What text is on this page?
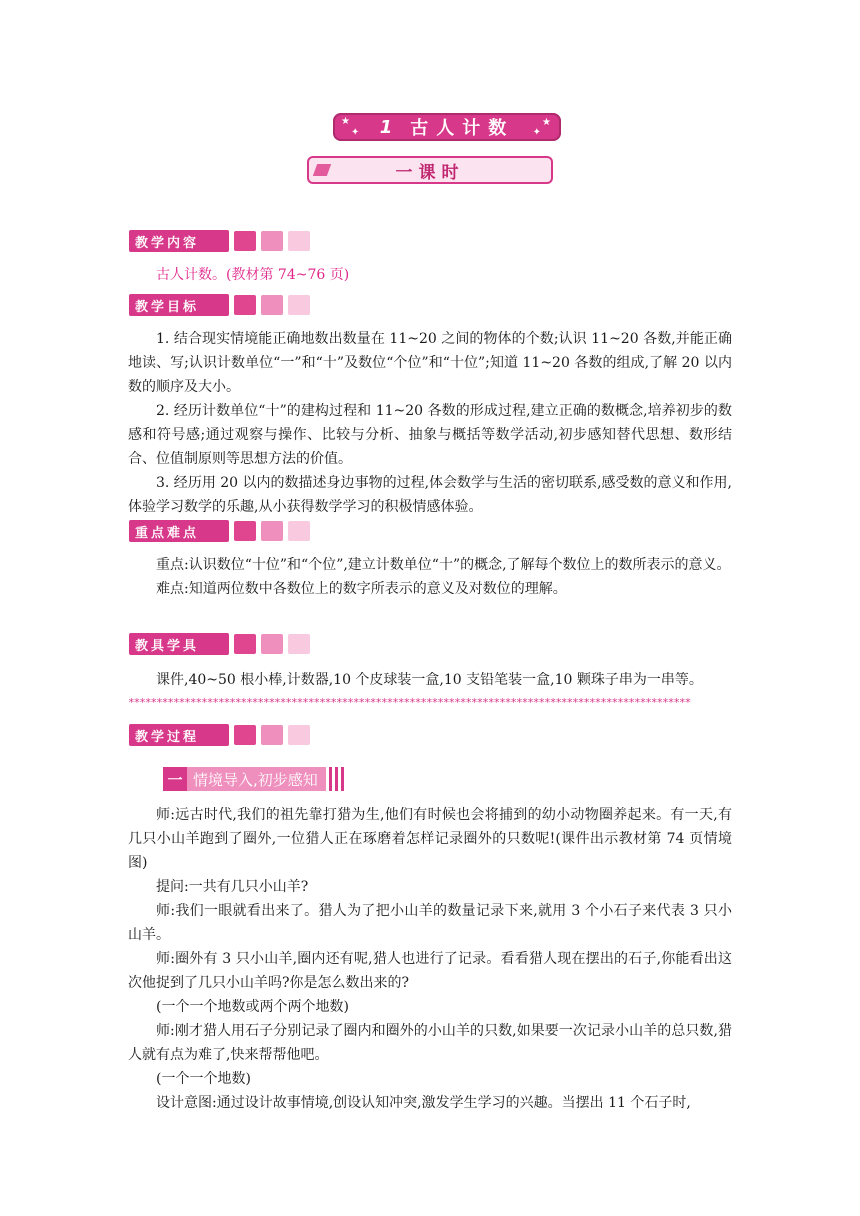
★
✦
★
✦
1 古人计数
一课时
教学内容

古人计数。(教材第 74~76 页)

教学目标

1. 结合现实情境能正确地数出数量在 11~20 之间的物体的个数;认识 11~20 各数,并能正确地读、写;认识计数单位“一”和“十”及数位“个位”和“十位”;知道 11~20 各数的组成,了解 20 以内数的顺序及大小。

2. 经历计数单位“十”的建构过程和 11~20 各数的形成过程,建立正确的数概念,培养初步的数感和符号感;通过观察与操作、比较与分析、抽象与概括等数学活动,初步感知替代思想、数形结合、位值制原则等思想方法的价值。

3. 经历用 20 以内的数描述身边事物的过程,体会数学与生活的密切联系,感受数的意义和作用,体验学习数学的乐趣,从小获得数学学习的积极情感体验。

重点难点

重点:认识数位“十位”和“个位”,建立计数单位“十”的概念,了解每个数位上的数所表示的意义。

难点:知道两位数中各数位上的数字所表示的意义及对数位的理解。

教具学具

课件,40~50 根小棒,计数器,10 个皮球装一盒,10 支铅笔装一盒,10 颗珠子串为一串等。

****************************************************************************************************
教学过程
一 情境导入,初步感知

师:远古时代,我们的祖先靠打猎为生,他们有时候也会将捕到的幼小动物圈养起来。有一天,有几只小山羊跑到了圈外,一位猎人正在琢磨着怎样记录圈外的只数呢!(课件出示教材第 74 页情境图)

提问:一共有几只小山羊?

师:我们一眼就看出来了。猎人为了把小山羊的数量记录下来,就用 3 个小石子来代表 3 只小山羊。

师:圈外有 3 只小山羊,圈内还有呢,猎人也进行了记录。看看猎人现在摆出的石子,你能看出这次他捉到了几只小山羊吗?你是怎么数出来的?

(一个一个地数或两个两个地数)

师:刚才猎人用石子分别记录了圈内和圈外的小山羊的只数,如果要一次记录小山羊的总只数,猎人就有点为难了,快来帮帮他吧。

(一个一个地数)

设计意图:通过设计故事情境,创设认知冲突,激发学生学习的兴趣。当摆出 11 个石子时,
